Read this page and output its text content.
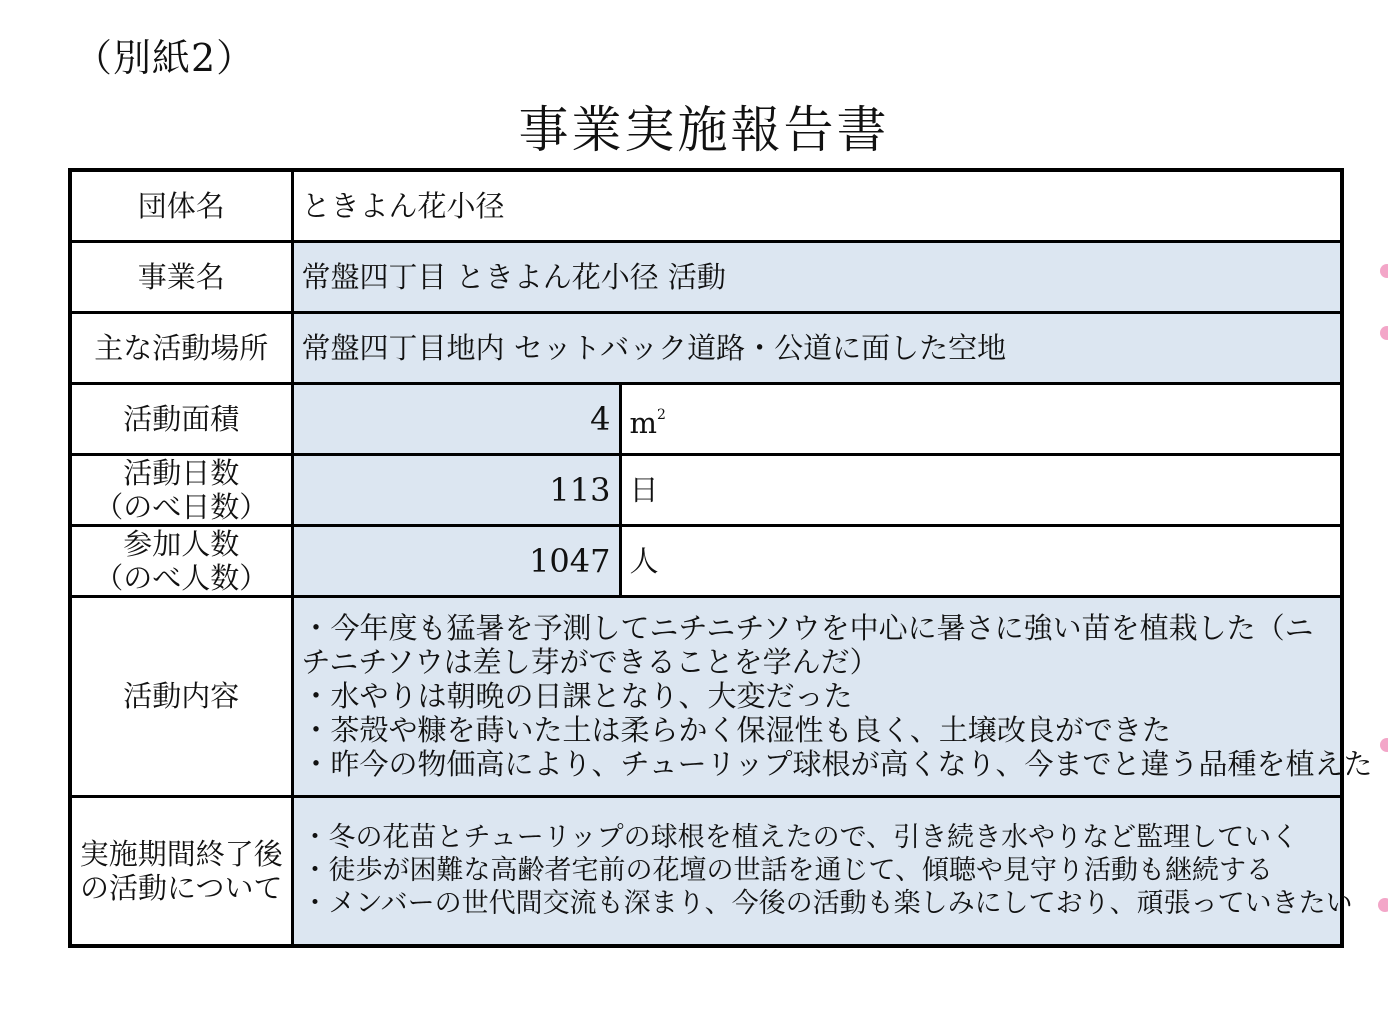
（別紙2）
事業実施報告書
団体名	ときよん花小径	
事業名	常盤四丁目 ときよん花小径 活動	
主な活動場所	常盤四丁目地内 セットバック道路・公道に面した空地	
活動面積	4	$m^2$

活動日数
（のべ日数）	113	日

参加人数
（のべ人数）	1047	人
活動内容	・今年度も猛暑を予測してニチニチソウを中心に暑さに強い苗を植栽した（ニチニチソウは差し芽ができることを学んだ）
・水やりは朝晩の日課となり、大変だった
・茶殻や糠を蒔いた土は柔らかく保湿性も良く、土壌改良ができた
・昨今の物価高により、チューリップ球根が高くなり、今までと違う品種を植えた	

実施期間終了後の活動について	・冬の花苗とチューリップの球根を植えたので、引き続き水やりなど監理していく
・徒歩が困難な高齢者宅前の花壇の世話を通じて、傾聴や見守り活動も継続する
・メンバーの世代間交流も深まり、今後の活動も楽しみにしており、頑張っていきたい	
